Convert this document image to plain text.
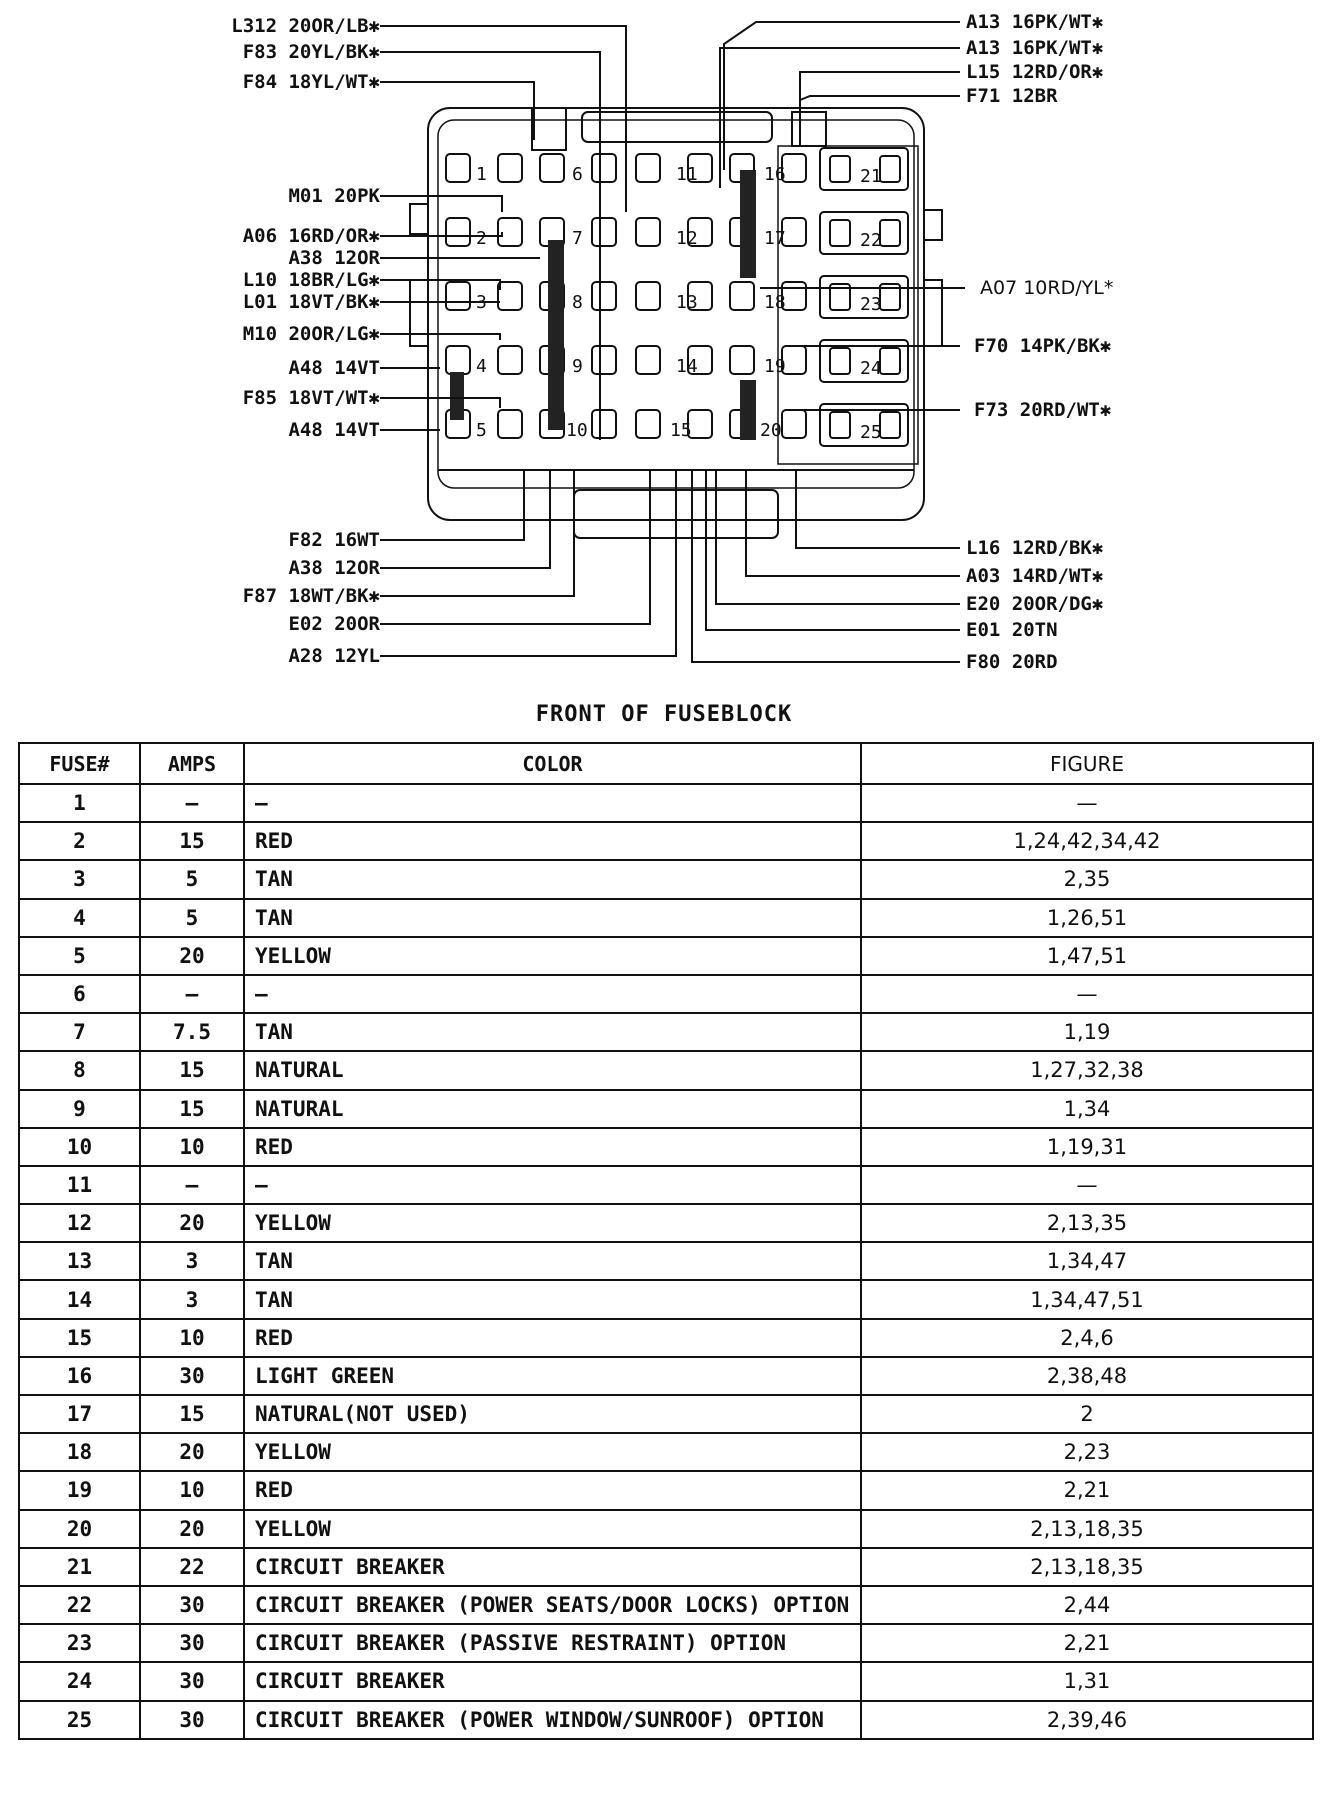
L312 20OR/LB✱
F83 20YL/BK✱
F84 18YL/WT✱
M01 20PK
A06 16RD/OR✱
A38 12OR
L10 18BR/LG✱
L01 18VT/BK✱
M10 20OR/LG✱
A48 14VT
F85 18VT/WT✱
A48 14VT
F82 16WT
A38 12OR
F87 18WT/BK✱
E02 20OR
A28 12YL
A13 16PK/WT✱
A13 16PK/WT✱
L15 12RD/OR✱
F71 12BR
A07 10RD/YL*
F70 14PK/BK✱
F73 20RD/WT✱
L16 12RD/BK✱
A03 14RD/WT✱
E20 20OR/DG✱
E01 20TN
F80 20RD
1
2
3
4
5
6
7
8
9
10
11
12
13
14
15
16
17
18
19
20
21
22
23
24
25
FRONT OF FUSEBLOCK
FUSE#	AMPS	COLOR	FIGURE
1	—	—	—
2	15	RED	1,24,42,34,42
3	5	TAN	2,35
4	5	TAN	1,26,51
5	20	YELLOW	1,47,51
6	—	—	—
7	7.5	TAN	1,19
8	15	NATURAL	1,27,32,38
9	15	NATURAL	1,34
10	10	RED	1,19,31
11	—	—	—
12	20	YELLOW	2,13,35
13	3	TAN	1,34,47
14	3	TAN	1,34,47,51
15	10	RED	2,4,6
16	30	LIGHT GREEN	2,38,48
17	15	NATURAL(NOT USED)	2
18	20	YELLOW	2,23
19	10	RED	2,21
20	20	YELLOW	2,13,18,35
21	22	CIRCUIT BREAKER	2,13,18,35
22	30	CIRCUIT BREAKER (POWER SEATS/DOOR LOCKS) OPTION	2,44
23	30	CIRCUIT BREAKER (PASSIVE RESTRAINT) OPTION	2,21
24	30	CIRCUIT BREAKER	1,31
25	30	CIRCUIT BREAKER (POWER WINDOW/SUNROOF) OPTION	2,39,46
